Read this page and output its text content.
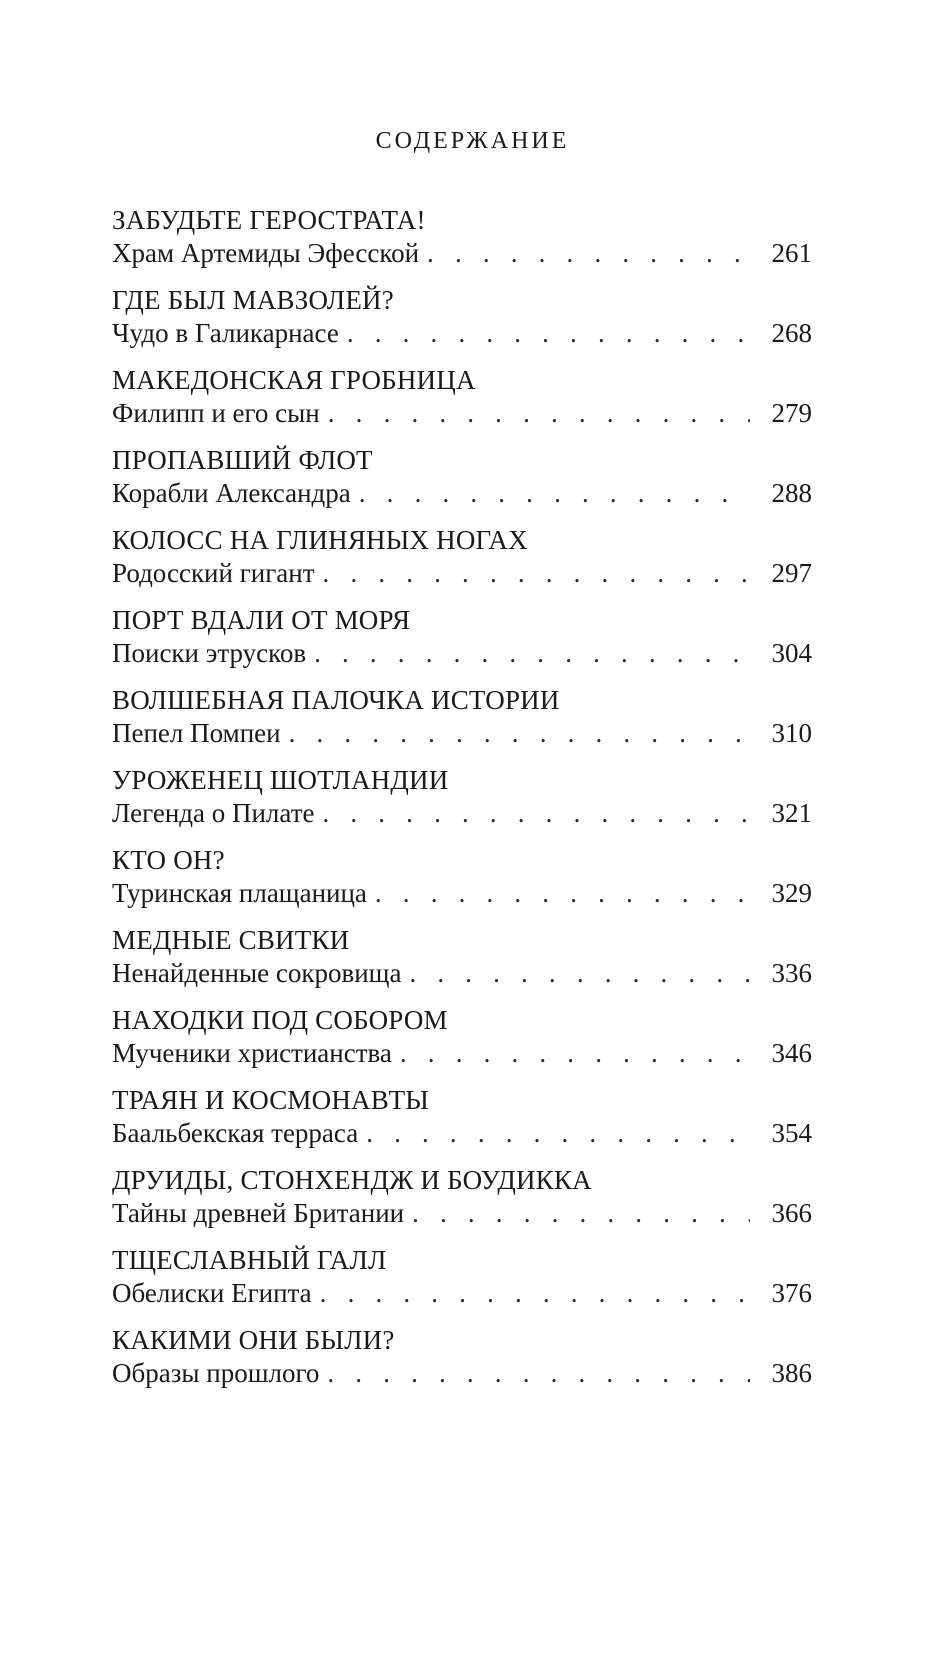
СОДЕРЖАНИЕ
ЗАБУДЬТЕ ГЕРОСТРАТА!
Храм Артемиды Эфесской . . .	261
ГДЕ БЫЛ МАВЗОЛЕЙ?
Чудо в Галикарнасе . . .	268
МАКЕДОНСКАЯ ГРОБНИЦА
Филипп и его сын . . .	279
ПРОПАВШИЙ ФЛОТ
Корабли Александра . . .	288
КОЛОСС НА ГЛИНЯНЫХ НОГАХ
Родосский гигант . . .	297
ПОРТ ВДАЛИ ОТ МОРЯ
Поиски этрусков . . .	304
ВОЛШЕБНАЯ ПАЛОЧКА ИСТОРИИ
Пепел Помпеи . . .	310
УРОЖЕНЕЦ ШОТЛАНДИИ
Легенда о Пилате . . .	321
КТО ОН?
Туринская плащаница . . .	329
МЕДНЫЕ СВИТКИ
Ненайденные сокровища . . .	336
НАХОДКИ ПОД СОБОРОМ
Мученики христианства . . .	346
ТРАЯН И КОСМОНАВТЫ
Баальбекская терраса . . .	354
ДРУИДЫ, СТОНХЕНДЖ И БОУДИККА
Тайны древней Британии . . .	366
ТЩЕСЛАВНЫЙ ГАЛЛ
Обелиски Египта . . .	376
КАКИМИ ОНИ БЫЛИ?
Образы прошлого . . .	386
